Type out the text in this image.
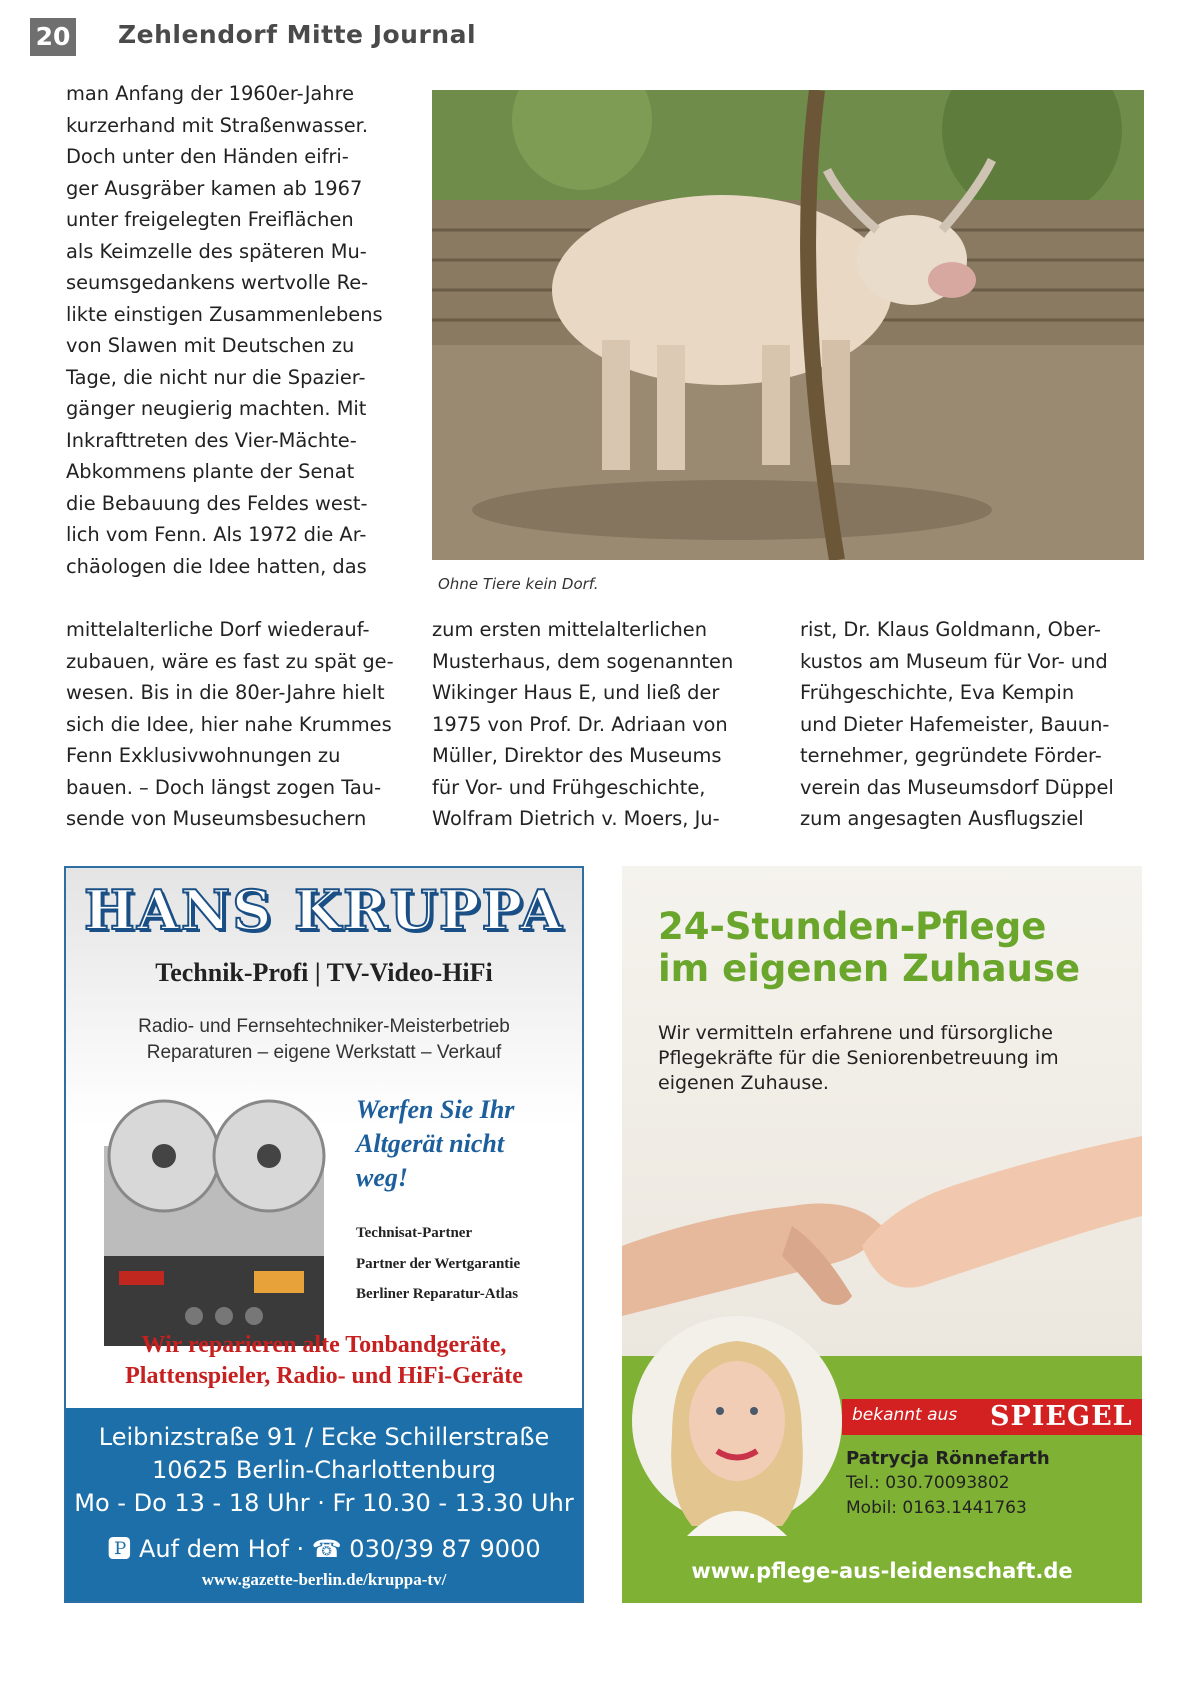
20 Zehlendorf Mitte Journal

man Anfang der 1960er-Jahre
kurzerhand mit Straßenwasser.
Doch unter den Händen eifri-
ger Ausgräber kamen ab 1967
unter freigelegten Freiflächen
als Keimzelle des späteren Mu-
seumsgedankens wertvolle Re-
likte einstigen Zusammenlebens
von Slawen mit Deutschen zu
Tage, die nicht nur die Spazier-
gänger neugierig machten. Mit
Inkrafttreten des Vier-Mächte-
Abkommens plante der Senat
die Bebauung des Feldes west-
lich vom Fenn. Als 1972 die Ar-
chäologen die Idee hatten, das

mittelalterliche Dorf wiederauf-
zubauen, wäre es fast zu spät ge-
wesen. Bis in die 80er-Jahre hielt
sich die Idee, hier nahe Krummes
Fenn Exklusivwohnungen zu
bauen. – Doch längst zogen Tau-
sende von Museumsbesuchern

Ohne Tiere kein Dorf.

zum ersten mittelalterlichen
Musterhaus, dem sogenannten
Wikinger Haus E, und ließ der
1975 von Prof. Dr. Adriaan von
Müller, Direktor des Museums
für Vor- und Frühgeschichte,
Wolfram Dietrich v. Moers, Ju-

rist, Dr. Klaus Goldmann, Ober-
kustos am Museum für Vor- und
Frühgeschichte, Eva Kempin
und Dieter Hafemeister, Bauun-
ternehmer, gegründete Förder-
verein das Museumsdorf Düppel
zum angesagten Ausflugsziel

HANS KRUPPA
Technik-Profi | TV-Video-HiFi
Radio- und Fernsehtechniker-Meisterbetrieb
Reparaturen – eigene Werkstatt – Verkauf
Werfen Sie Ihr
Altgerät nicht
weg!
Technisat-Partner
Partner der Wertgarantie
Berliner Reparatur-Atlas
Wir reparieren alte Tonbandgeräte,
Plattenspieler, Radio- und HiFi-Geräte
Leibnizstraße 91 / Ecke Schillerstraße
10625 Berlin-Charlottenburg
Mo - Do 13 - 18 Uhr · Fr 10.30 - 13.30 Uhr
🅿 Auf dem Hof · ☎ 030/39 87 9000
www.gazette-berlin.de/kruppa-tv/
24-Stunden-Pflege
im eigenen Zuhause
Wir vermitteln erfahrene und fürsorgliche Pflegekräfte für die Seniorenbetreuung im eigenen Zuhause.
bekannt aus SPIEGEL
Patrycja Rönnefarth
Tel.: 030.70093802
Mobil: 0163.1441763
www.pflege-aus-leidenschaft.de
